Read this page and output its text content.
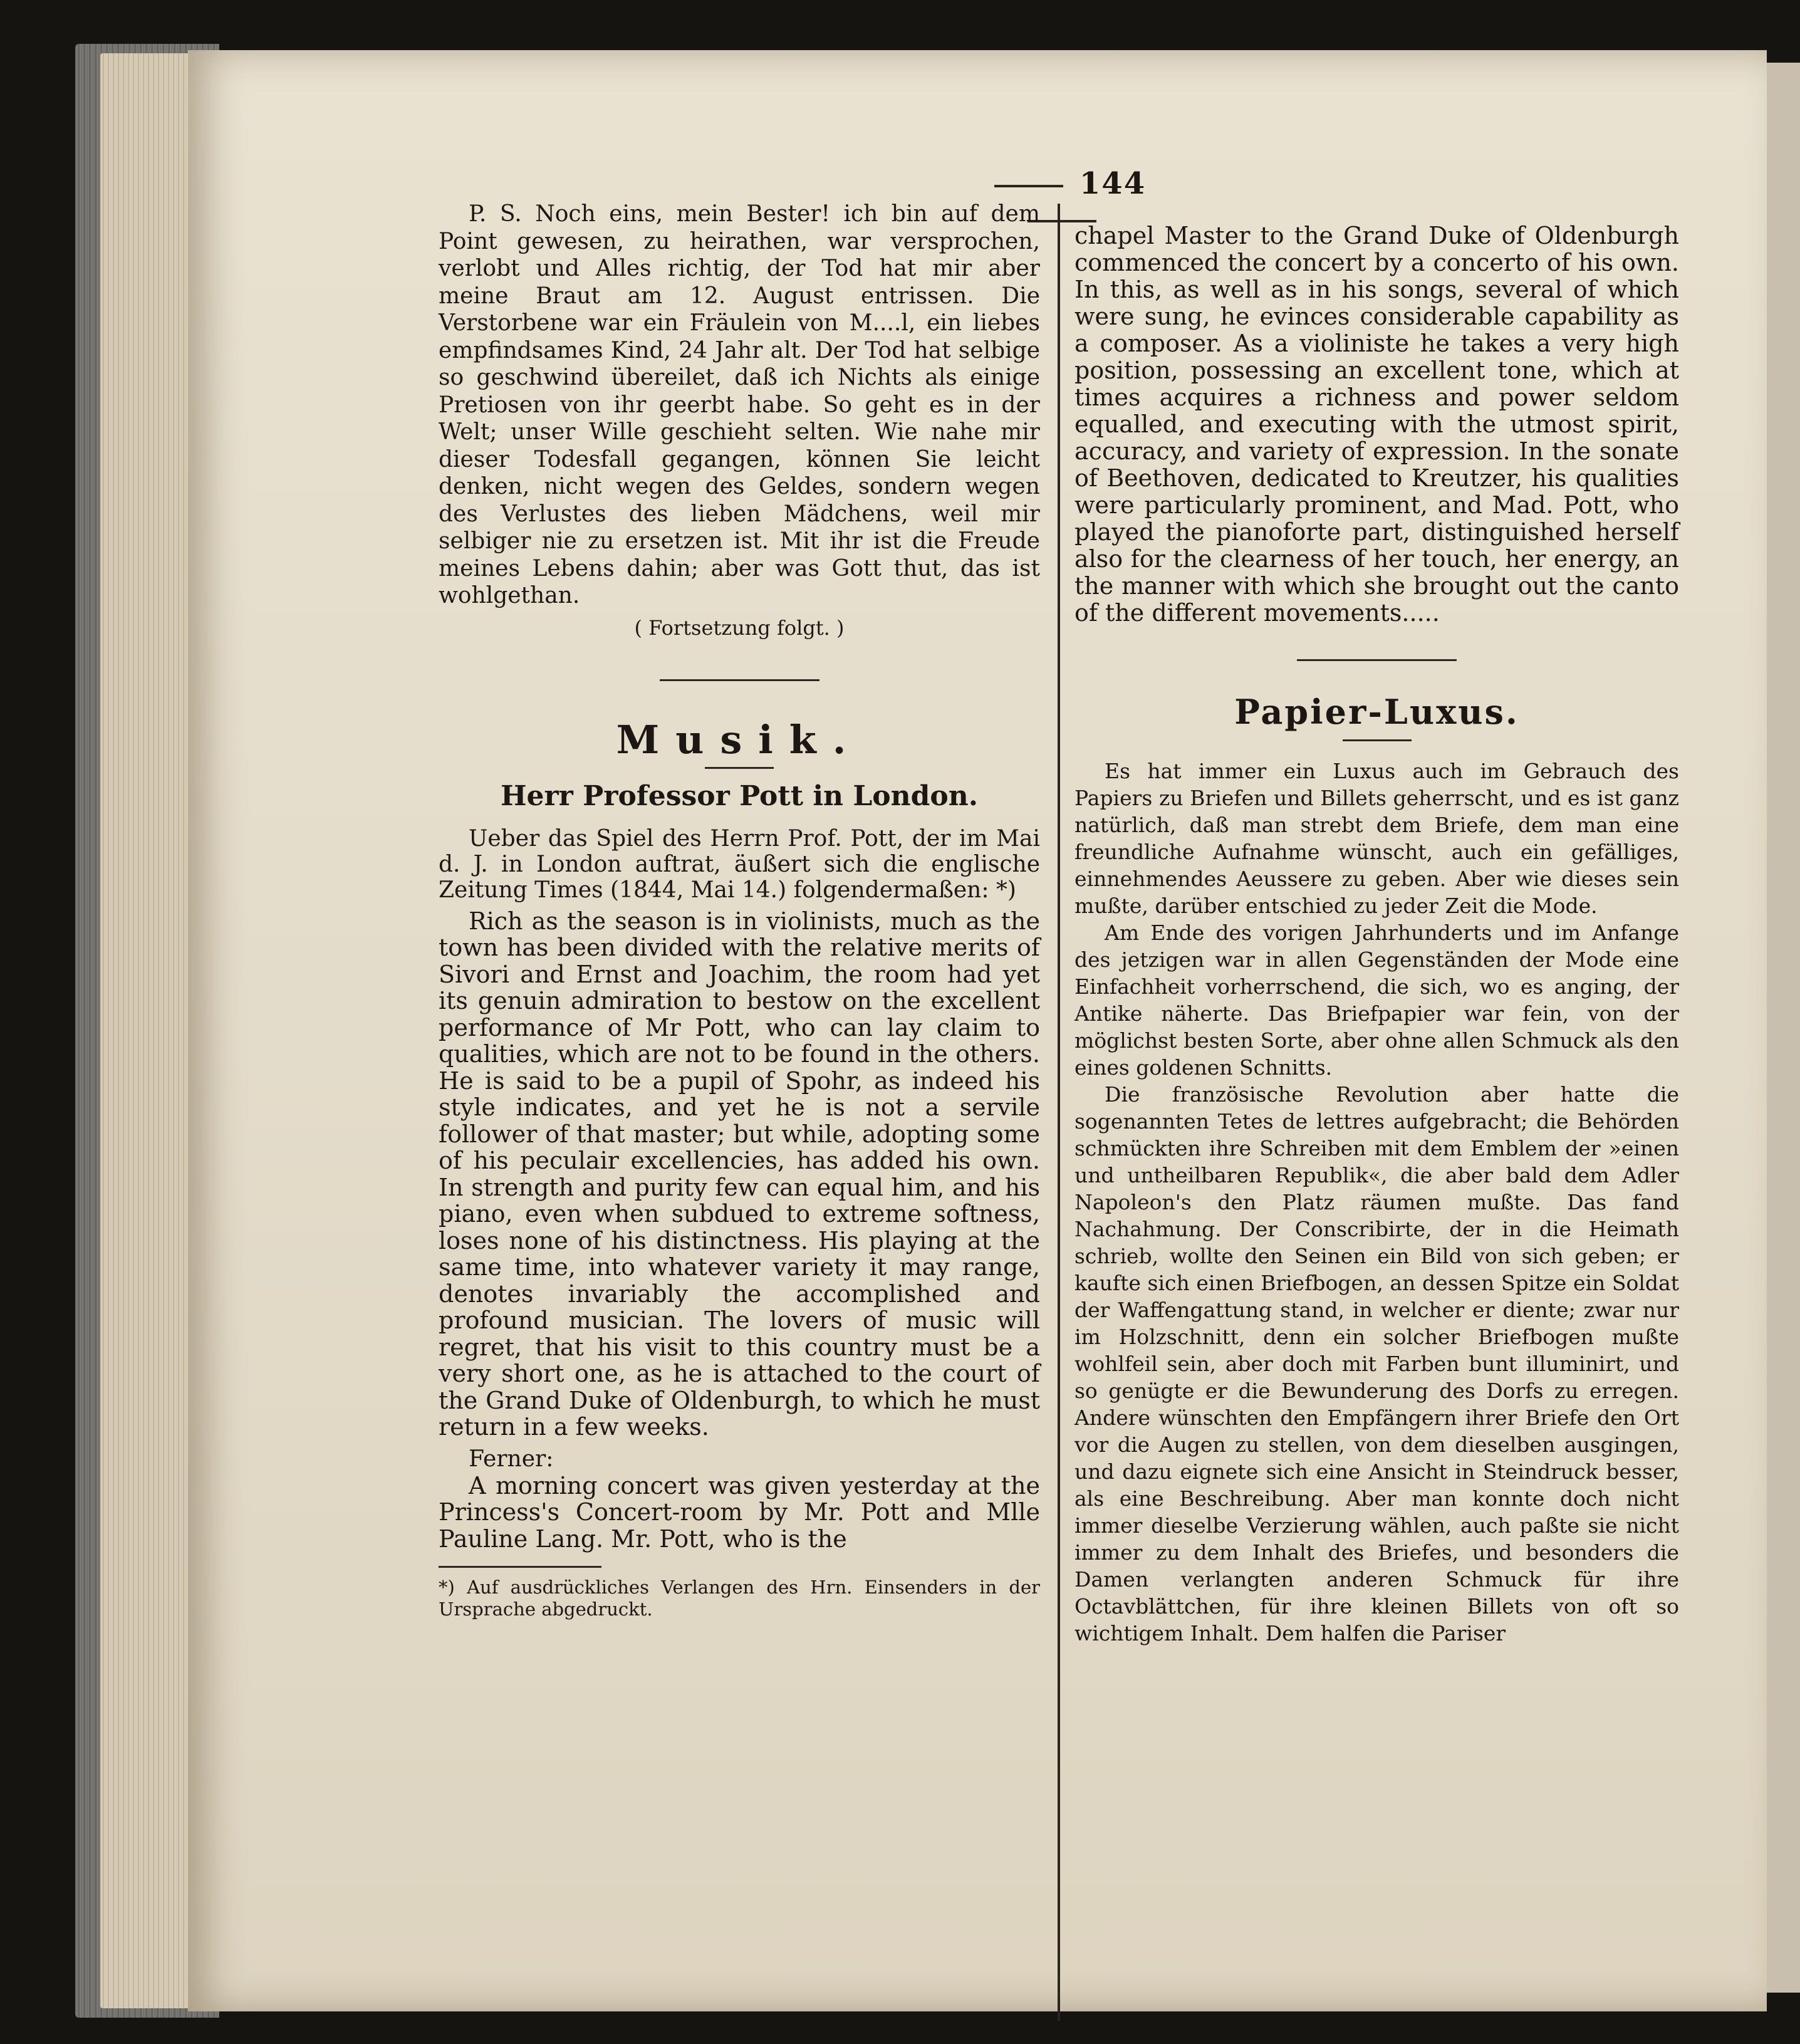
144

P. S. Noch eins, mein Bester! ich bin auf dem Point gewesen, zu heirathen, war versprochen, verlobt und Alles richtig, der Tod hat mir aber meine Braut am 12. August entrissen. Die Verstorbene war ein Fräulein von M....l, ein liebes empfindsames Kind, 24 Jahr alt. Der Tod hat selbige so geschwind übereilet, daß ich Nichts als einige Pretiosen von ihr geerbt habe. So geht es in der Welt; unser Wille geschieht selten. Wie nahe mir dieser Todesfall gegangen, können Sie leicht denken, nicht wegen des Geldes, sondern wegen des Verlustes des lieben Mädchens, weil mir selbiger nie zu ersetzen ist. Mit ihr ist die Freude meines Lebens dahin; aber was Gott thut, das ist wohlgethan.

( Fortsetzung folgt. )

Musik.
Herr Professor Pott in London.

Ueber das Spiel des Herrn Prof. Pott, der im Mai d. J. in London auftrat, äußert sich die englische Zeitung Times (1844, Mai 14.) folgendermaßen: *)

Rich as the season is in violinists, much as the town has been divided with the relative merits of Sivori and Ernst and Joachim, the room had yet its genuin admiration to bestow on the excellent performance of Mr Pott, who can lay claim to qualities, which are not to be found in the others. He is said to be a pupil of Spohr, as indeed his style indicates, and yet he is not a servile follower of that master; but while, adopting some of his peculair excellencies, has added his own. In strength and purity few can equal him, and his piano, even when subdued to extreme softness, loses none of his distinctness. His playing at the same time, into whatever variety it may range, denotes invariably the accomplished and profound musician. The lovers of music will regret, that his visit to this country must be a very short one, as he is attached to the court of the Grand Duke of Oldenburgh, to which he must return in a few weeks.

Ferner:

A morning concert was given yesterday at the Princess's Concert-room by Mr. Pott and Mlle Pauline Lang. Mr. Pott, who is the

*) Auf ausdrückliches Verlangen des Hrn. Einsenders in der Ursprache abgedruckt.

chapel Master to the Grand Duke of Oldenburgh commenced the concert by a concerto of his own. In this, as well as in his songs, several of which were sung, he evinces considerable capability as a composer. As a violiniste he takes a very high position, possessing an excellent tone, which at times acquires a richness and power seldom equalled, and executing with the utmost spirit, accuracy, and variety of expression. In the sonate of Beethoven, dedicated to Kreutzer, his qualities were particularly prominent, and Mad. Pott, who played the pianoforte part, distinguished herself also for the clearness of her touch, her energy, an the manner with which she brought out the canto of the different movements.....

Papier-Luxus.

Es hat immer ein Luxus auch im Gebrauch des Papiers zu Briefen und Billets geherrscht, und es ist ganz natürlich, daß man strebt dem Briefe, dem man eine freundliche Aufnahme wünscht, auch ein gefälliges, einnehmendes Aeussere zu geben. Aber wie dieses sein mußte, darüber entschied zu jeder Zeit die Mode.

Am Ende des vorigen Jahrhunderts und im Anfange des jetzigen war in allen Gegenständen der Mode eine Einfachheit vorherrschend, die sich, wo es anging, der Antike näherte. Das Briefpapier war fein, von der möglichst besten Sorte, aber ohne allen Schmuck als den eines goldenen Schnitts.

Die französische Revolution aber hatte die sogenannten Tetes de lettres aufgebracht; die Behörden schmückten ihre Schreiben mit dem Emblem der »einen und untheilbaren Republik«, die aber bald dem Adler Napoleon's den Platz räumen mußte. Das fand Nachahmung. Der Conscribirte, der in die Heimath schrieb, wollte den Seinen ein Bild von sich geben; er kaufte sich einen Briefbogen, an dessen Spitze ein Soldat der Waffengattung stand, in welcher er diente; zwar nur im Holzschnitt, denn ein solcher Briefbogen mußte wohlfeil sein, aber doch mit Farben bunt illuminirt, und so genügte er die Bewunderung des Dorfs zu erregen. Andere wünschten den Empfängern ihrer Briefe den Ort vor die Augen zu stellen, von dem dieselben ausgingen, und dazu eignete sich eine Ansicht in Steindruck besser, als eine Beschreibung. Aber man konnte doch nicht immer dieselbe Verzierung wählen, auch paßte sie nicht immer zu dem Inhalt des Briefes, und besonders die Damen verlangten anderen Schmuck für ihre Octavblättchen, für ihre kleinen Billets von oft so wichtigem Inhalt. Dem halfen die Pariser
